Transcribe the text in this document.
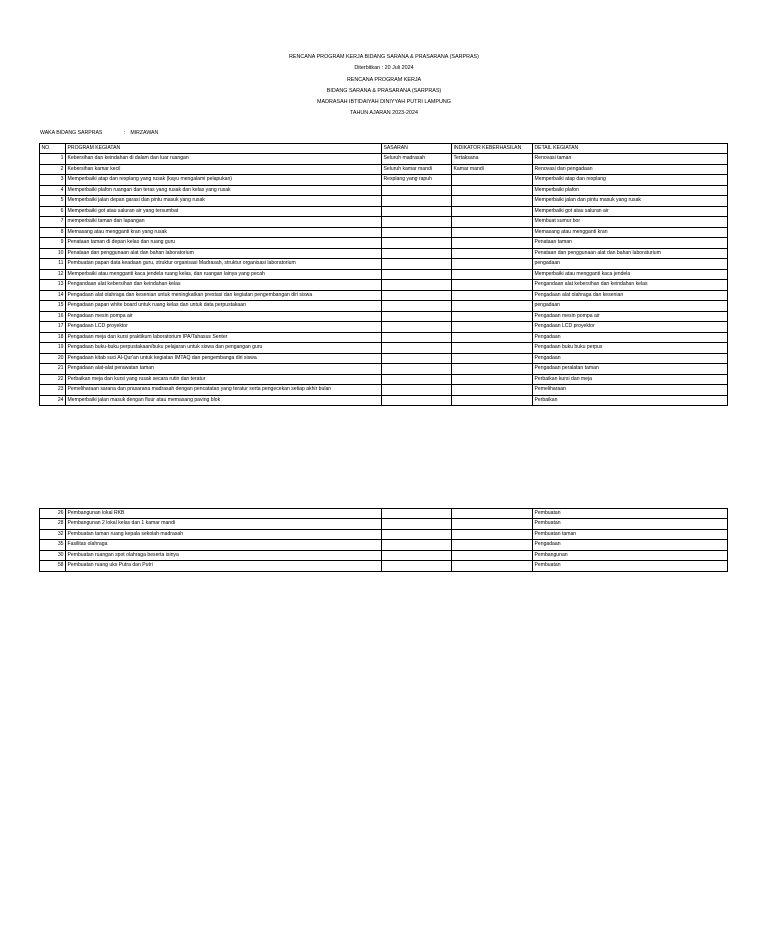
RENCANA PROGRAM KERJA BIDANG SARANA & PRASARANA (SARPRAS)
Diterbitkan : 20 Juli 2024
RENCANA PROGRAM KERJA
BIDANG SARANA & PRASARANA (SARPRAS)
MADRASAH IBTIDAIYAH DINIYYAH PUTRI LAMPUNG
TAHUN AJARAN 2023-2024
WAKA BIDANG SARPRAS	: MIRZAWAN
NO.	PROGRAM KEGIATAN	SASARAN	INDIKATOR KEBERHASILAN	DETAIL KEGIATAN
1	Kebersihan dan keindahan di dalam dan luar ruangan	Seluruh madrasah	Tertaksana	Renovasi taman
2	Kebersihan kamar kecil	Seluruh kamar mandi	Kamar mandi	Renovasi dan pengadaan
3	Memperbaiki atap dan rexplang yang rusak (kayu mengalami pelapukan)	Rexplang yang rapuh		Memperbaiki atap dan rexplang
4	Memperbaiki plafon ruangan dan teras yang rusak dan kelas yang rusak			Memperbaiki plafon
5	Memperbaiki jalan depan garasi dan pintu masuk yang rusak			Memperbaiki jalan dan pintu masuk yang rusak
6	Memperbaiki got atau saluran air yang tersumbat			Memperbaiki got atau saluran air
7	memperbaiki taman dan lapangan			Membuat sumur bor
8	Memasang atau mengganti kran yang rusak			Memasang atau mengganti kran
9	Penataan taman di depan kelas dan ruang guru			Penataan taman
10	Penataan dan penggunaan alat dan bahan laboratorium			Penataan dan penggunaan alat dan bahan laboraturium
11	Pembuatan papan data keadaan guru, struktur organisasi Madrasah, struktur organisasi laboratorium			pengadaan
12	Memperbaiki atau mengganti kaca jendela ruang kelas, dan ruangan lainya yang pecah			Memperbaiki atau mengganti kaca jendela
13	Pengandaan alat kebersihan dan keindahan kelas			Pengandaan alat kebersihan dan keindahan kelas
14	Pengadaan alat olahraga dan kesenian untuk meningkatkan prestasi dan kegiatan pengembangan diri siswa			Pengadaan alat olahraga dan kesenian
15	Pengadaan papan white board untuk ruang kelas dan untuk data perpustakaan			pengadaan
16	Pengadaan mesin pompa air			Pengadaan mesin pompa air
17	Pengadaan LCD proyektor			Pengadaan LCD proyektor
18	Pengadaan meja dan kursi praktikum laboratorium IPA/Tahasus Senter			Pengadaan
19	Pengadaan buku-buku perpustakaan/buku pelajaran untuk siswa dan pengangan guru			Pengadaan buku buku perpus
20	Pengadaan kitab suci Al-Qur'an untuk kegiatan IMTAQ dan pengembanga diri siswa			Pengadaan
21	Pengadaan alat-alat perawatan taman			Pengadaan peralatan taman
22	Perbaikan meja dan kursi yang rusak secara rutin dan teratur			Perbaikan kursi dan meja
23	Pemeliharaan sarana dan prasarana madrasah dengan pencatatan yang teratur serta pengecekan setiap akhir bulan			Pemeliharaan
24	Memperbaiki jalan masuk dengan fluur atau memasang paving blok			Perbaikan
26	Pembangunan lokal RKB			Pembuatan
28	Pembangunan 2 lokal kelas dan 1 kamar mandi			Pembuatan
32	Pembuatan taman ruang kepala sekolah madrasah			Pembuatan taman
35	Fasilitas olahraga			Pengadaan
30	Pembuatan ruangan spot olahraga beserta isinya			Pembangunan
58	Pembuatan ruang uks Putra dan Putri			Pembuatan
